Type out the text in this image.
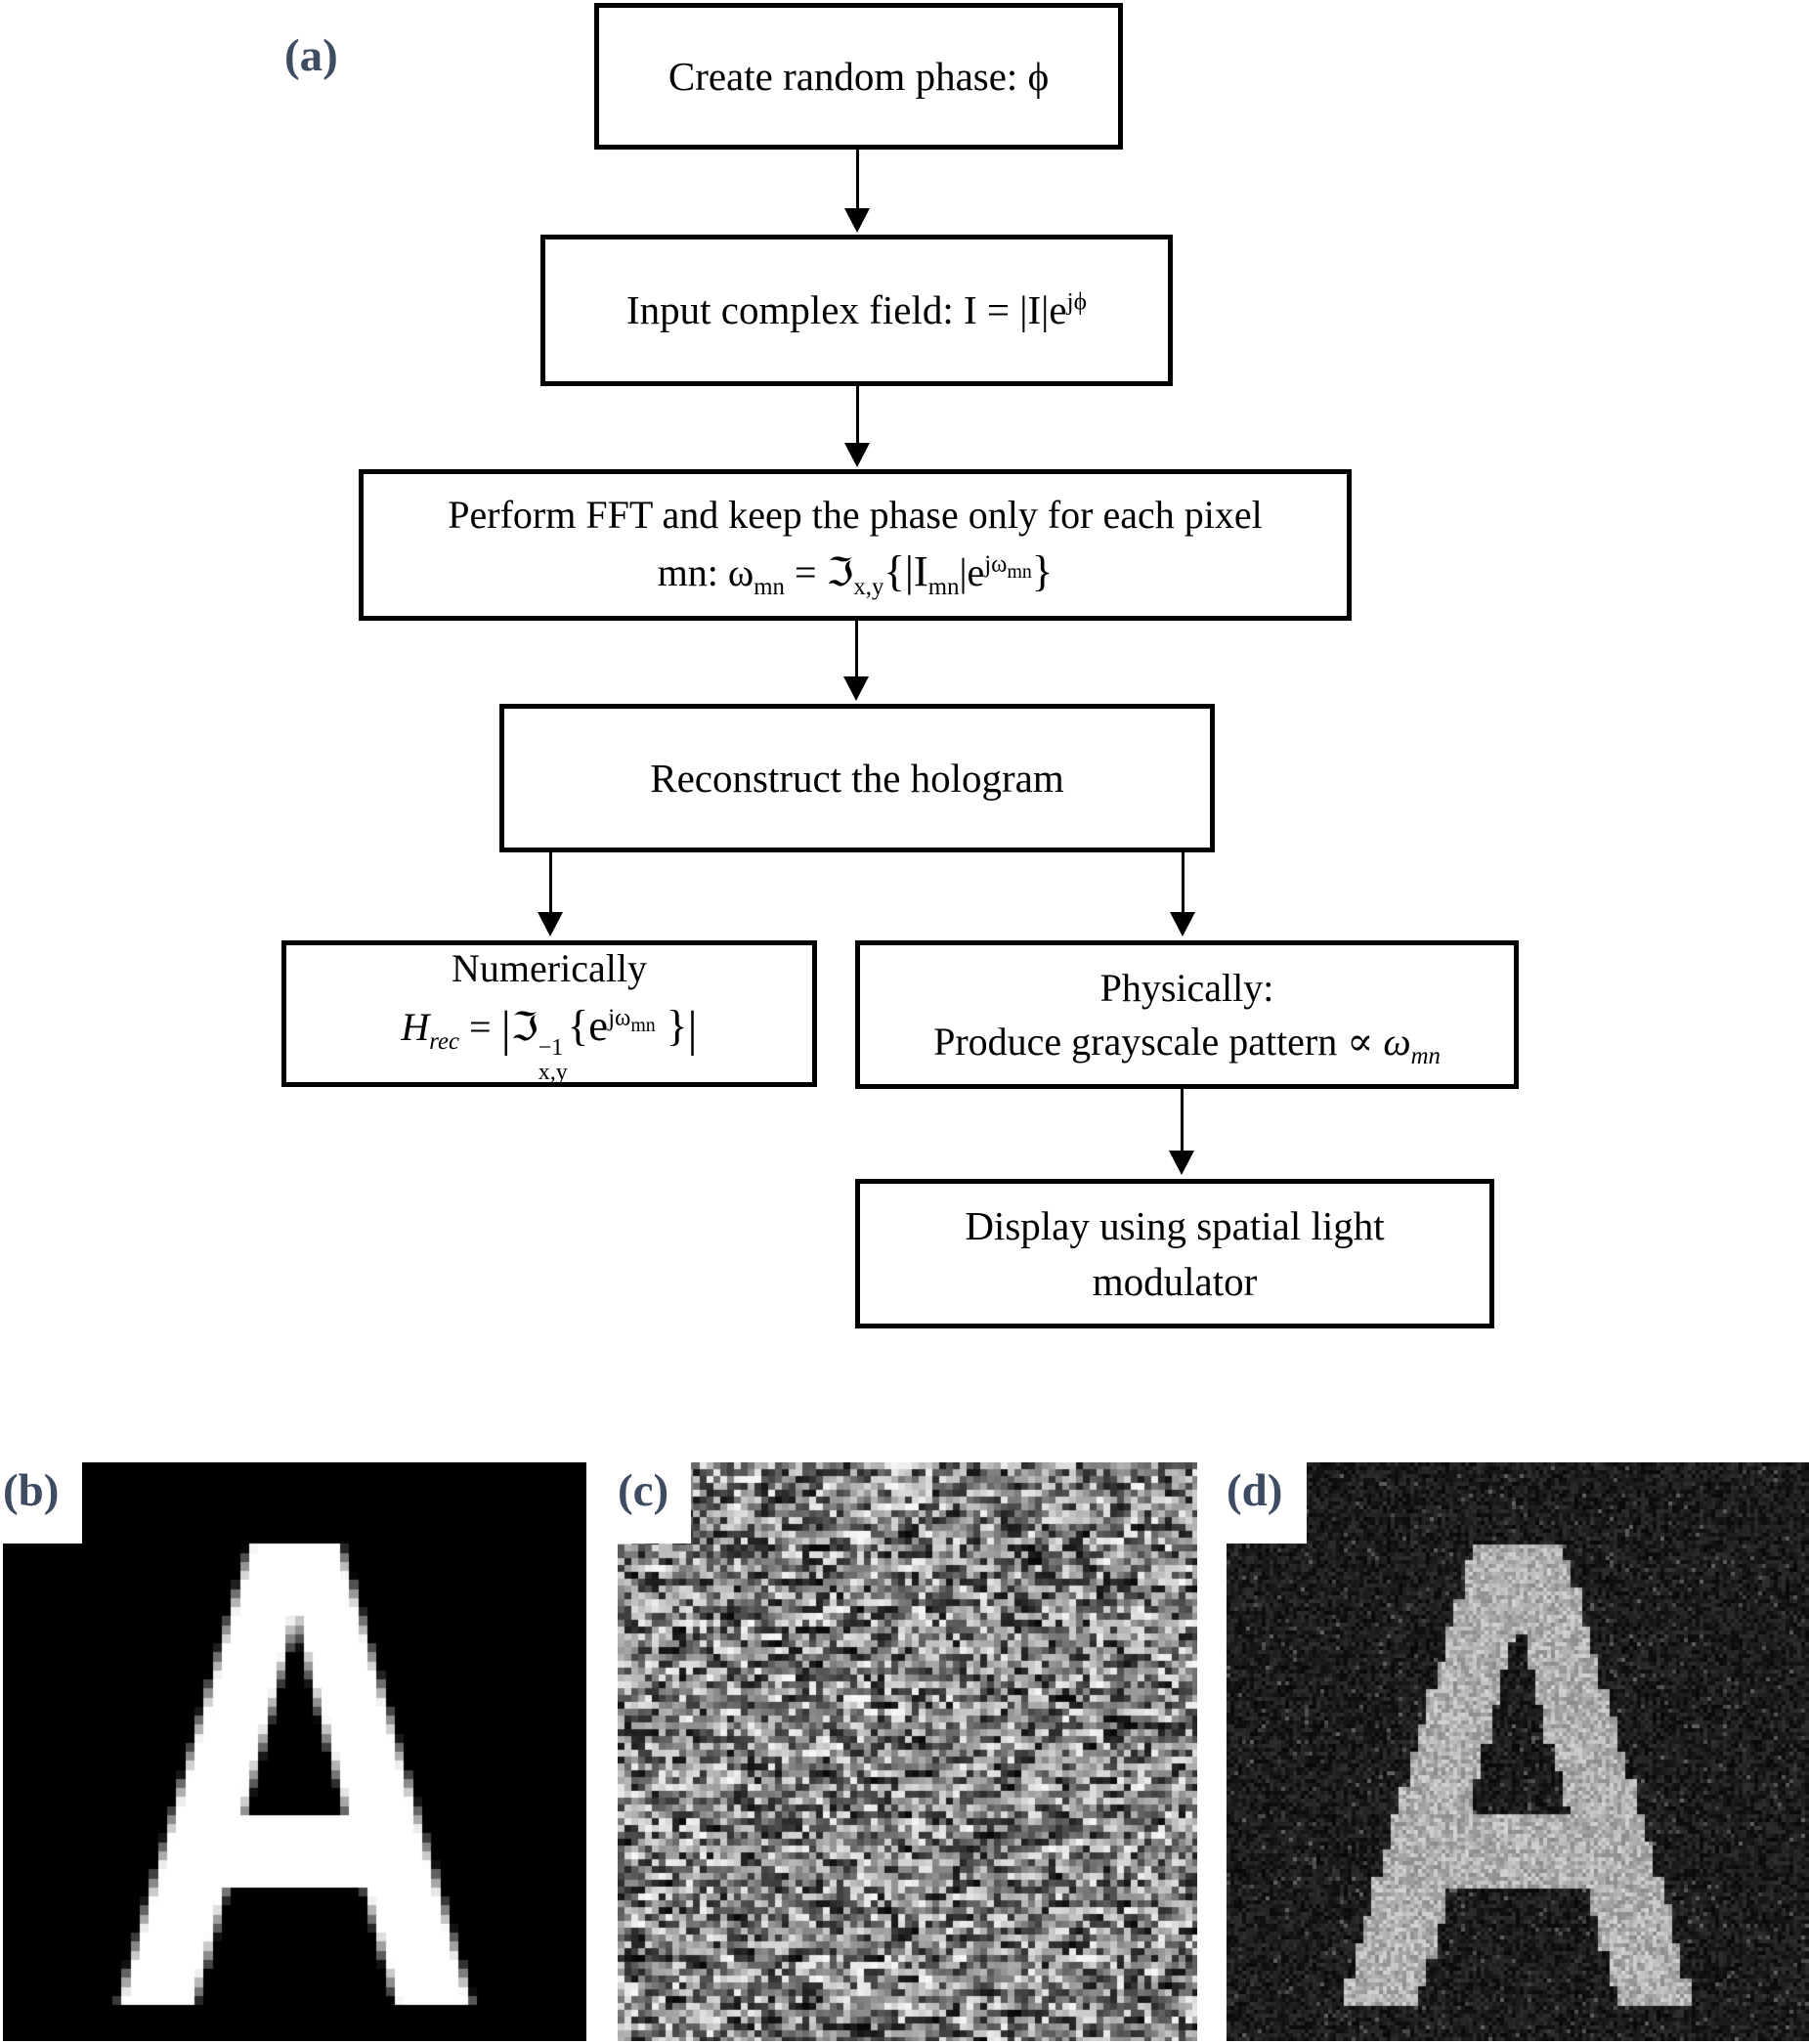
(a)	Create random phase: ϕ
Input complex field: $I = |I|e^{j\phi}$
Perform FFT and keep the phase only for each pixel
mn: $\omega_{mn}$ = $ℑ_{x,y}\{|I_{mn}|e^{j\omega_{mn}}\}$
Reconstruct the hologram
Numerically
$H_{rec}$ = |ℑ −1
x,y
{$e^{j\omega_{mn}}$ }|
Physically:
Produce grayscale pattern ∝ $\omega_{mn}$
Display using spatial light
modulator
(b)	(c)	(d)
